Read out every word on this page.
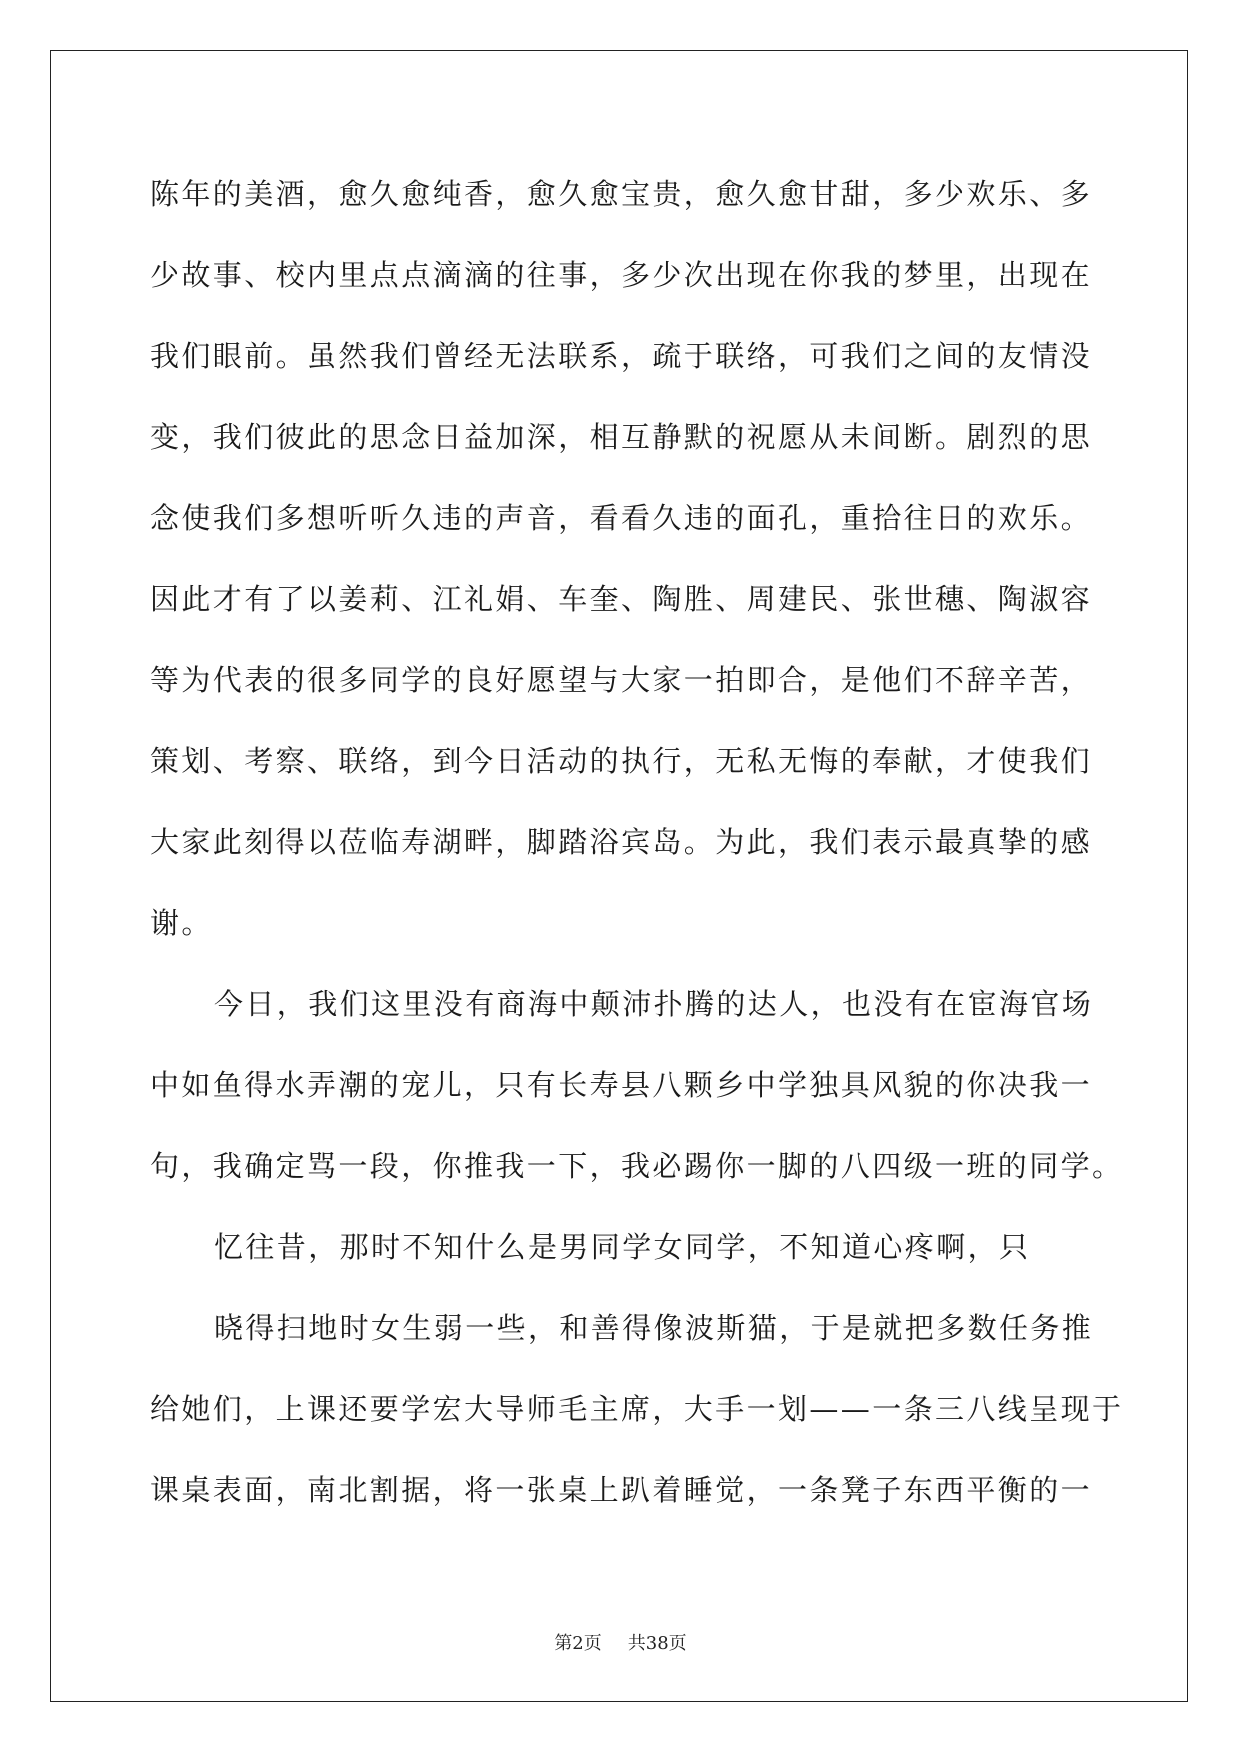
陈年的美酒，愈久愈纯香，愈久愈宝贵，愈久愈甘甜，多少欢乐、多

少故事、校内里点点滴滴的往事，多少次出现在你我的梦里，出现在

我们眼前。虽然我们曾经无法联系，疏于联络，可我们之间的友情没

变，我们彼此的思念日益加深，相互静默的祝愿从未间断。剧烈的思

念使我们多想听听久违的声音，看看久违的面孔，重拾往日的欢乐。

因此才有了以姜莉、江礼娟、车奎、陶胜、周建民、张世穗、陶淑容

等为代表的很多同学的良好愿望与大家一拍即合，是他们不辞辛苦，

策划、考察、联络，到今日活动的执行，无私无悔的奉献，才使我们

大家此刻得以莅临寿湖畔，脚踏浴宾岛。为此，我们表示最真挚的感

谢。

今日，我们这里没有商海中颠沛扑腾的达人，也没有在宦海官场

中如鱼得水弄潮的宠儿，只有长寿县八颗乡中学独具风貌的你决我一

句，我确定骂一段，你推我一下，我必踢你一脚的八四级一班的同学。

忆往昔，那时不知什么是男同学女同学，不知道心疼啊，只

晓得扫地时女生弱一些，和善得像波斯猫，于是就把多数任务推

给她们，上课还要学宏大导师毛主席，大手一划——一条三八线呈现于

课桌表面，南北割据，将一张桌上趴着睡觉，一条凳子东西平衡的一

第2页 共38页
